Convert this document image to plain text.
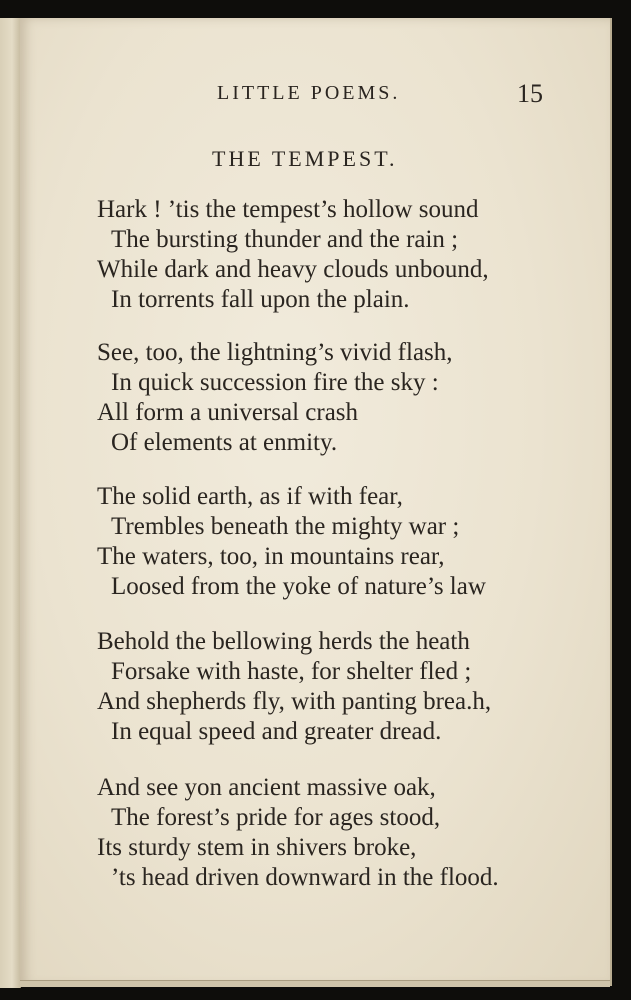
LITTLE POEMS.	15
THE TEMPEST.
Hark ! ’tis the tempest’s hollow sound
The bursting thunder and the rain ;
While dark and heavy clouds unbound,
In torrents fall upon the plain.
See, too, the lightning’s vivid flash,
In quick succession fire the sky :
All form a universal crash
Of elements at enmity.
The solid earth, as if with fear,
Trembles beneath the mighty war ;
The waters, too, in mountains rear,
Loosed from the yoke of nature’s law
Behold the bellowing herds the heath
Forsake with haste, for shelter fled ;
And shepherds fly, with panting brea.h,
In equal speed and greater dread.
And see yon ancient massive oak,
The forest’s pride for ages stood,
Its sturdy stem in shivers broke,
’ts head driven downward in the flood.
